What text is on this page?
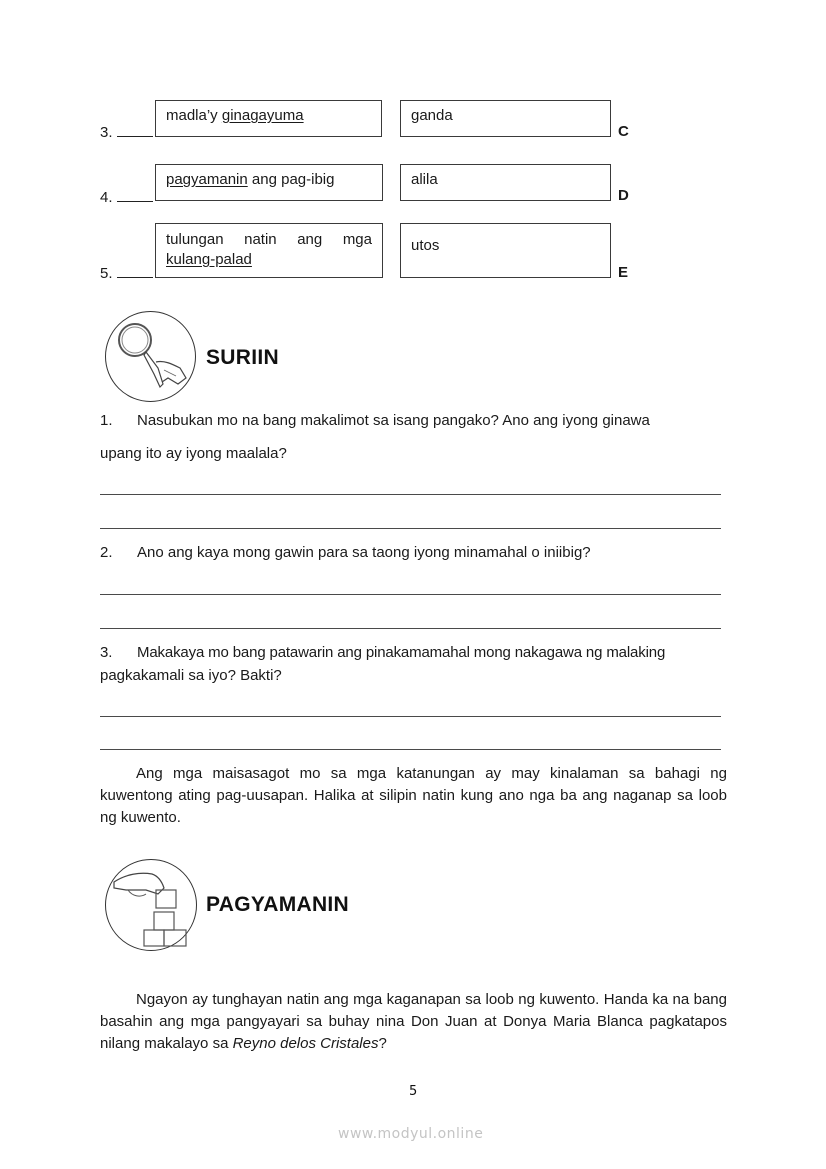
3.
madla’y ginagayuma	ganda
C
4.
pagyamanin ang pag-ibig	alila
D
5.
tulungan natin ang mga kulang-palad
utos
E
SURIIN
1. Nasubukan mo na bang makalimot sa isang pangako? Ano ang iyong ginawa
upang ito ay iyong maalala?
2. Ano ang kaya mong gawin para sa taong iyong minamahal o iniibig?
3. Makakaya mo bang patawarin ang pinakamamahal mong nakagawa ng malaking
pagkakamali sa iyo? Bakti?
Ang mga maisasagot mo sa mga katanungan ay may kinalaman sa bahagi ng kuwentong ating pag-uusapan. Halika at silipin natin kung ano nga ba ang naganap sa loob ng kuwento.
PAGYAMANIN
Ngayon ay tunghayan natin ang mga kaganapan sa loob ng kuwento. Handa ka na bang basahin ang mga pangyayari sa buhay nina Don Juan at Donya Maria Blanca pagkatapos nilang makalayo sa Reyno delos Cristales?
5
www.modyul.online
